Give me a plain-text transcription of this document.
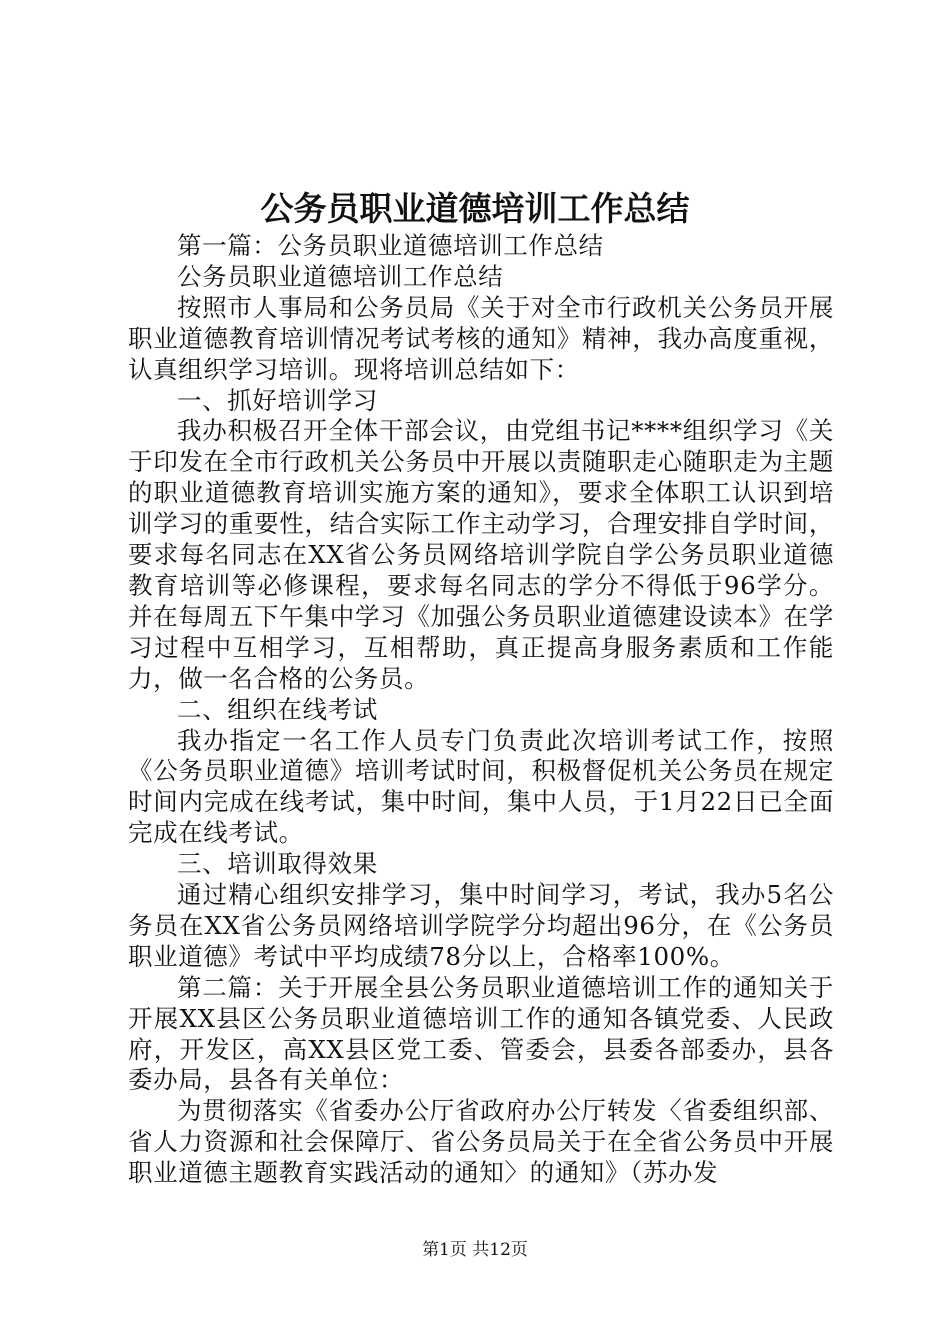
公务员职业道德培训工作总结

第一篇：公务员职业道德培训工作总结

公务员职业道德培训工作总结

按照市人事局和公务员局《关于对全市行政机关公务员开展职业道德教育培训情况考试考核的通知》精神，我办高度重视，认真组织学习培训。现将培训总结如下：

一、抓好培训学习

我办积极召开全体干部会议，由党组书记****组织学习《关于印发在全市行政机关公务员中开展以责随职走心随职走为主题的职业道德教育培训实施方案的通知》，要求全体职工认识到培训学习的重要性，结合实际工作主动学习，合理安排自学时间，要求每名同志在XX省公务员网络培训学院自学公务员职业道德教育培训等必修课程，要求每名同志的学分不得低于96学分。并在每周五下午集中学习《加强公务员职业道德建设读本》在学习过程中互相学习，互相帮助，真正提高身服务素质和工作能力，做一名合格的公务员。

二、组织在线考试

我办指定一名工作人员专门负责此次培训考试工作，按照《公务员职业道德》培训考试时间，积极督促机关公务员在规定时间内完成在线考试，集中时间，集中人员，于1月22日已全面完成在线考试。

三、培训取得效果

通过精心组织安排学习，集中时间学习，考试，我办5名公务员在XX省公务员网络培训学院学分均超出96分，在《公务员职业道德》考试中平均成绩78分以上，合格率100%。

第二篇：关于开展全县公务员职业道德培训工作的通知关于开展XX县区公务员职业道德培训工作的通知各镇党委、人民政府，开发区，高XX县区党工委、管委会，县委各部委办，县各委办局，县各有关单位：

为贯彻落实《省委办公厅省政府办公厅转发〈省委组织部、省人力资源和社会保障厅、省公务员局关于在全省公务员中开展职业道德主题教育实践活动的通知〉的通知》（苏办发

第1页 共12页
